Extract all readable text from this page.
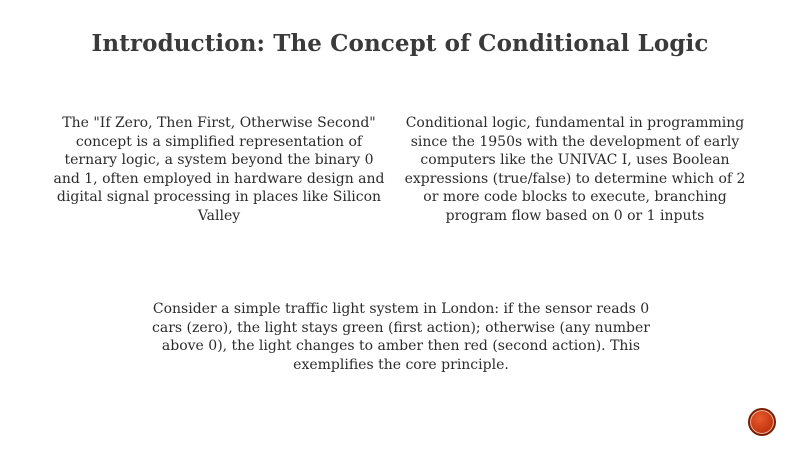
Introduction: The Concept of Conditional Logic
The "If Zero, Then First, Otherwise Second" concept is a simplified representation of ternary logic, a system beyond the binary 0 and 1, often employed in hardware design and digital signal processing in places like Silicon Valley
Conditional logic, fundamental in programming since the 1950s with the development of early computers like the UNIVAC I, uses Boolean expressions (true/false) to determine which of 2 or more code blocks to execute, branching program flow based on 0 or 1 inputs
Consider a simple traffic light system in London: if the sensor reads 0 cars (zero), the light stays green (first action); otherwise (any number above 0), the light changes to amber then red (second action). This exemplifies the core principle.
